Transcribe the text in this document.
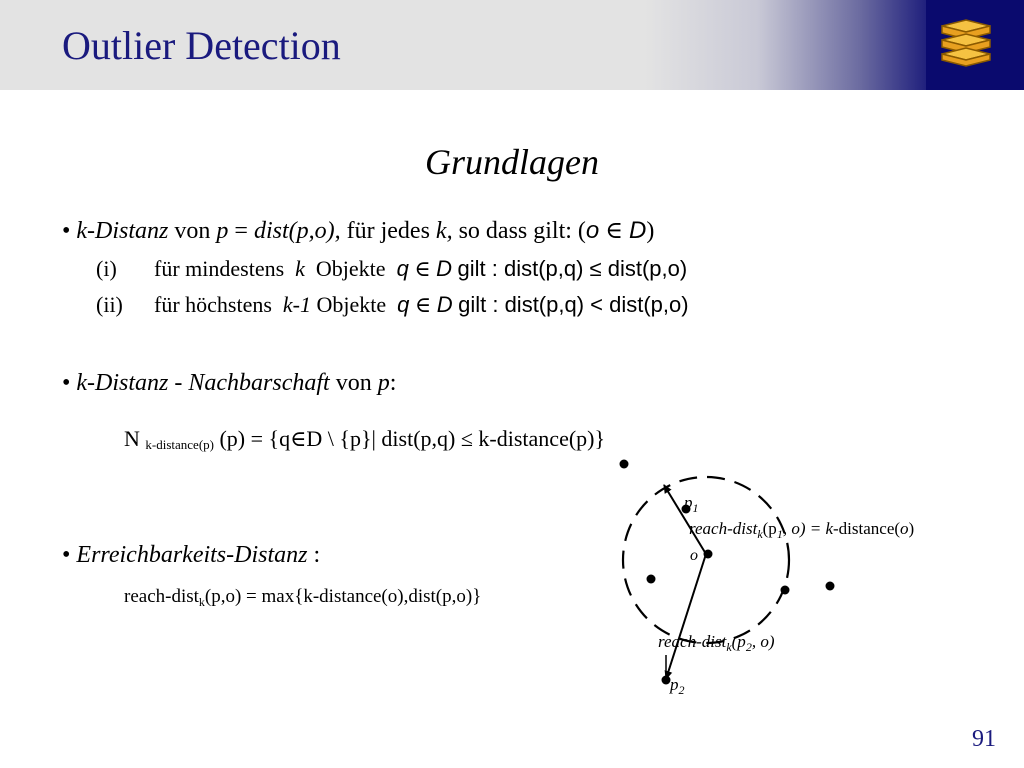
Outlier Detection
Grundlagen
• k-Distanz von p = dist(p,o), für jedes k, so dass gilt: (o ∈ D)
(i) für mindestens k Objekte q ∈ D gilt : dist(p,q) ≤ dist(p,o)
(ii) für höchstens k-1 Objekte q ∈ D gilt : dist(p,q) < dist(p,o)
• k-Distanz - Nachbarschaft von p:
N $_{k-distance(p)}$ (p) = {q∈D \ {p}| dist(p,q) ≤ k-distance(p)}
• Erreichbarkeits-Distanz :
reach-dist$_k$(p,o) = max{k-distance(o),dist(p,o)}
$p_1$
o
reach-$dist_k(p_1$, o) = k-distance(o)
reach-$dist_k(p_2$, o)
$p_2$
91
